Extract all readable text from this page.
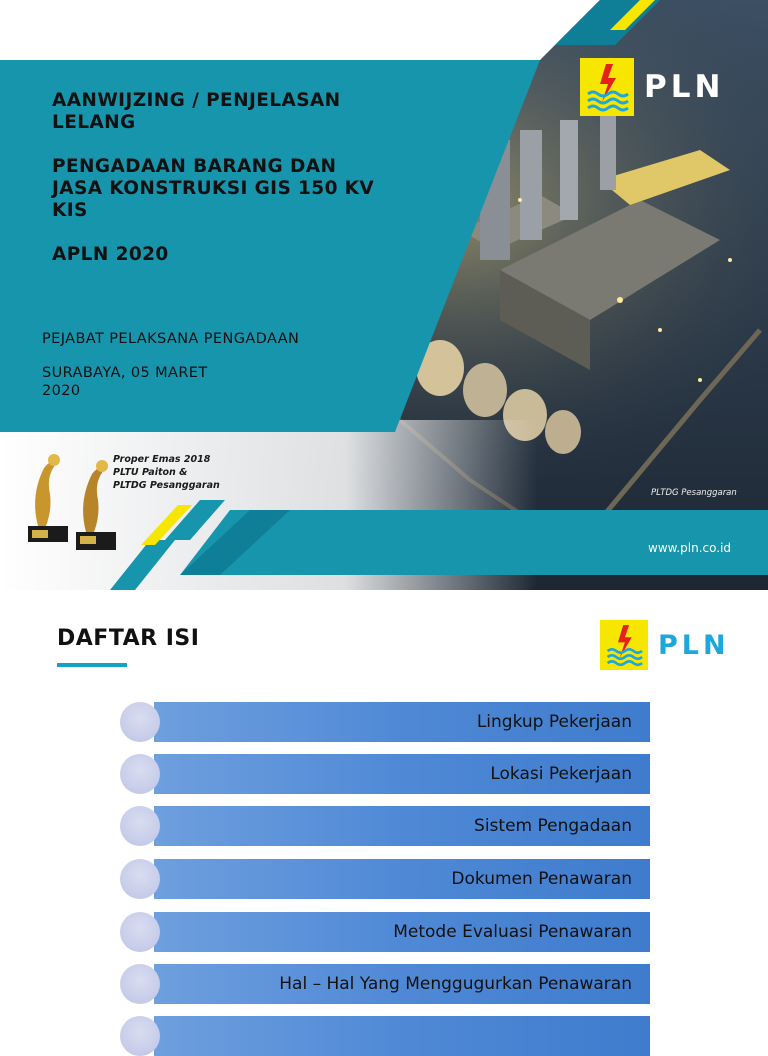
AANWIJZING / PENJELASAN
LELANG
PENGADAAN BARANG DAN
JASA KONSTRUKSI GIS 150 KV
KIS
APLN 2020
PEJABAT PELAKSANA PENGADAAN
SURABAYA, 05 MARET
2020
PLN
Proper Emas 2018
PLTU Paiton &
PLTDG Pesanggaran
PLTDG Pesanggaran
www.pln.co.id
DAFTAR ISI	PLN
Lingkup Pekerjaan
Lokasi Pekerjaan
Sistem Pengadaan
Dokumen Penawaran
Metode Evaluasi Penawaran
Hal – Hal Yang Menggugurkan Penawaran
